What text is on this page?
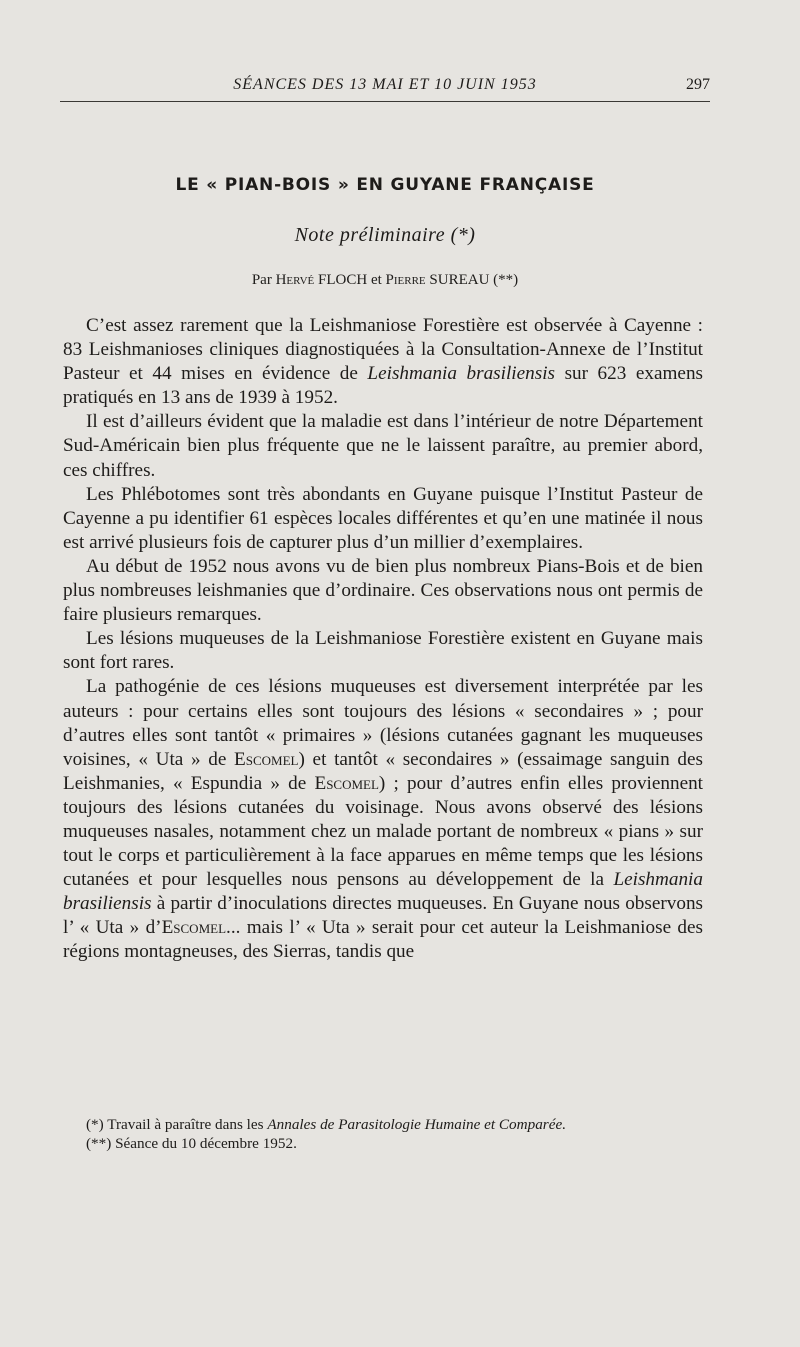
SÉANCES DES 13 MAI ET 10 JUIN 1953	297
LE « PIAN-BOIS » EN GUYANE FRANÇAISE
Note préliminaire (*)
Par Hervé FLOCH et Pierre SUREAU (**)

C’est assez rarement que la Leishmaniose Forestière est observée à Cayenne : 83 Leishmanioses cliniques diagnostiquées à la Consultation-Annexe de l’Institut Pasteur et 44 mises en évidence de Leishmania brasiliensis sur 623 examens pratiqués en 13 ans de 1939 à 1952.

Il est d’ailleurs évident que la maladie est dans l’intérieur de notre Département Sud-Américain bien plus fréquente que ne le laissent paraître, au premier abord, ces chiffres.

Les Phlébotomes sont très abondants en Guyane puisque l’Institut Pasteur de Cayenne a pu identifier 61 espèces locales différentes et qu’en une matinée il nous est arrivé plusieurs fois de capturer plus d’un millier d’exemplaires.

Au début de 1952 nous avons vu de bien plus nombreux Pians-Bois et de bien plus nombreuses leishmanies que d’ordinaire. Ces observations nous ont permis de faire plusieurs remarques.

Les lésions muqueuses de la Leishmaniose Forestière existent en Guyane mais sont fort rares.

La pathogénie de ces lésions muqueuses est diversement interprétée par les auteurs : pour certains elles sont toujours des lésions « secondaires » ; pour d’autres elles sont tantôt « primaires » (lésions cutanées gagnant les muqueuses voisines, « Uta » de Escomel) et tantôt « secondaires » (essaimage sanguin des Leishmanies, « Espundia » de Escomel) ; pour d’autres enfin elles proviennent toujours des lésions cutanées du voisinage. Nous avons observé des lésions muqueuses nasales, notamment chez un malade portant de nombreux « pians » sur tout le corps et particulièrement à la face apparues en même temps que les lésions cutanées et pour lesquelles nous pensons au développement de la Leishmania brasiliensis à partir d’inoculations directes muqueuses. En Guyane nous observons l’ « Uta » d’Escomel... mais l’ « Uta » serait pour cet auteur la Leishmaniose des régions montagneuses, des Sierras, tandis que

(*) Travail à paraître dans les Annales de Parasitologie Humaine et Comparée.

(**) Séance du 10 décembre 1952.
